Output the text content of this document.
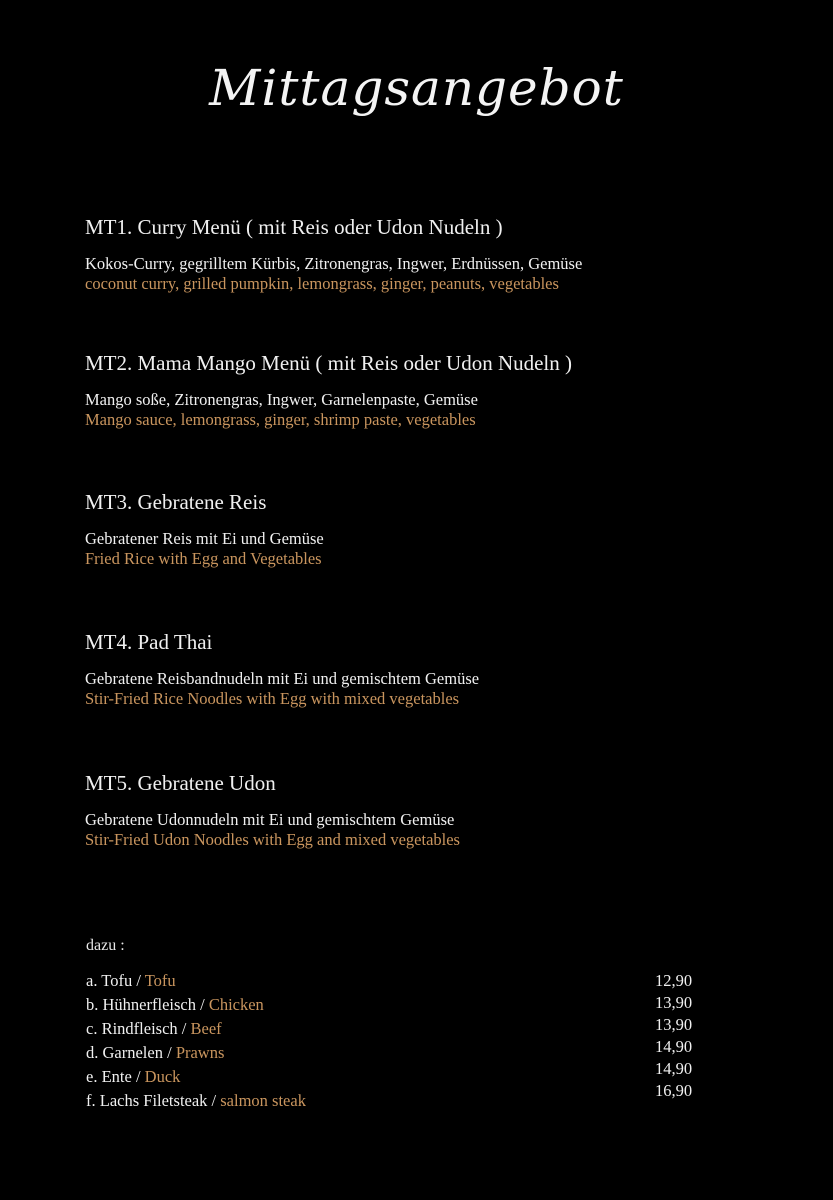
Mittagsangebot
MT1. Curry Menü ( mit Reis oder Udon Nudeln )
Kokos-Curry, gegrilltem Kürbis, Zitronengras, Ingwer, Erdnüssen, Gemüse
coconut curry, grilled pumpkin, lemongrass, ginger, peanuts, vegetables
MT2. Mama Mango Menü ( mit Reis oder Udon Nudeln )
Mango soße, Zitronengras, Ingwer, Garnelenpaste, Gemüse
Mango sauce, lemongrass, ginger, shrimp paste, vegetables
MT3. Gebratene Reis
Gebratener Reis mit Ei und Gemüse
Fried Rice with Egg and Vegetables
MT4. Pad Thai
Gebratene Reisbandnudeln mit Ei und gemischtem Gemüse
Stir-Fried Rice Noodles with Egg with mixed vegetables
MT5. Gebratene Udon
Gebratene Udonnudeln mit Ei und gemischtem Gemüse
Stir-Fried Udon Noodles with Egg and mixed vegetables
dazu :
a. Tofu / Tofu
b. Hühnerfleisch / Chicken
c. Rindfleisch / Beef
d. Garnelen / Prawns
e. Ente / Duck
f. Lachs Filetsteak / salmon steak
12,90
13,90
13,90
14,90
14,90
16,90
